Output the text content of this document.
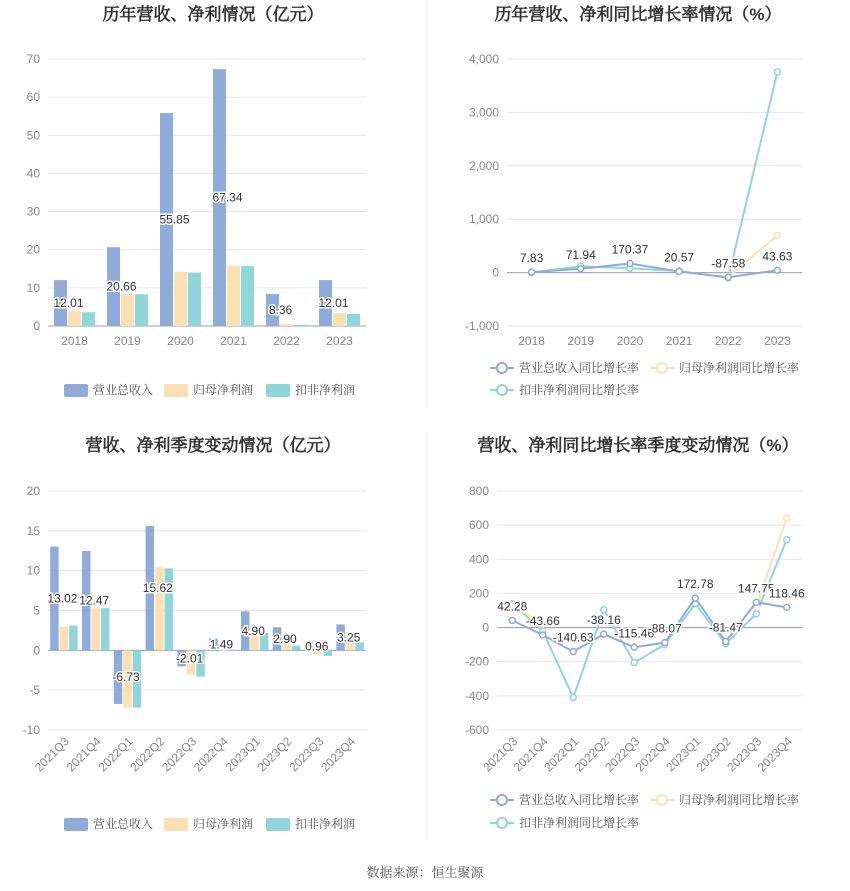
历年营收、净利情况（亿元）
0
10
20
30
40
50
60
70
2018 2019 2020 2021 2022 2023
12.01
20.66
55.85
67.34
8.36 12.01
营业总收入	归母净利润	扣非净利润
历年营收、净利同比增长率情况（%）
-1,000
0
1,000
2,000
3,000
4,000
2018 2019 2020 2021 2022 2023
7.83 71.94 170.37
20.57 -87.58
43.63
营业总收入同比增长率	归母净利润同比增长率
扣非净利润同比增长率
营收、净利季度变动情况（亿元）
-10
-5
0
5
10
15
20
2021Q3
2021Q4
2022Q1
2022Q2
2022Q3
2022Q4
2023Q1
2023Q2
2023Q3
2023Q4
13.02 12.47
-6.73
15.62
-2.01
1.49
4.90
2.90
0.96
3.25
营业总收入	归母净利润	扣非净利润
营收、净利同比增长率季度变动情况（%）
-600
-400
-200
0
200
400
600
800
2021Q3
2021Q4
2022Q1
2022Q2
2022Q3
2022Q4
2023Q1
2023Q2
2023Q3
2023Q4
42.28
-43.66
-140.63
-38.16
-115.46
-88.07
172.78
-81.47
147.75
118.46
营业总收入同比增长率	归母净利润同比增长率
扣非净利润同比增长率
数据来源：恒生聚源
